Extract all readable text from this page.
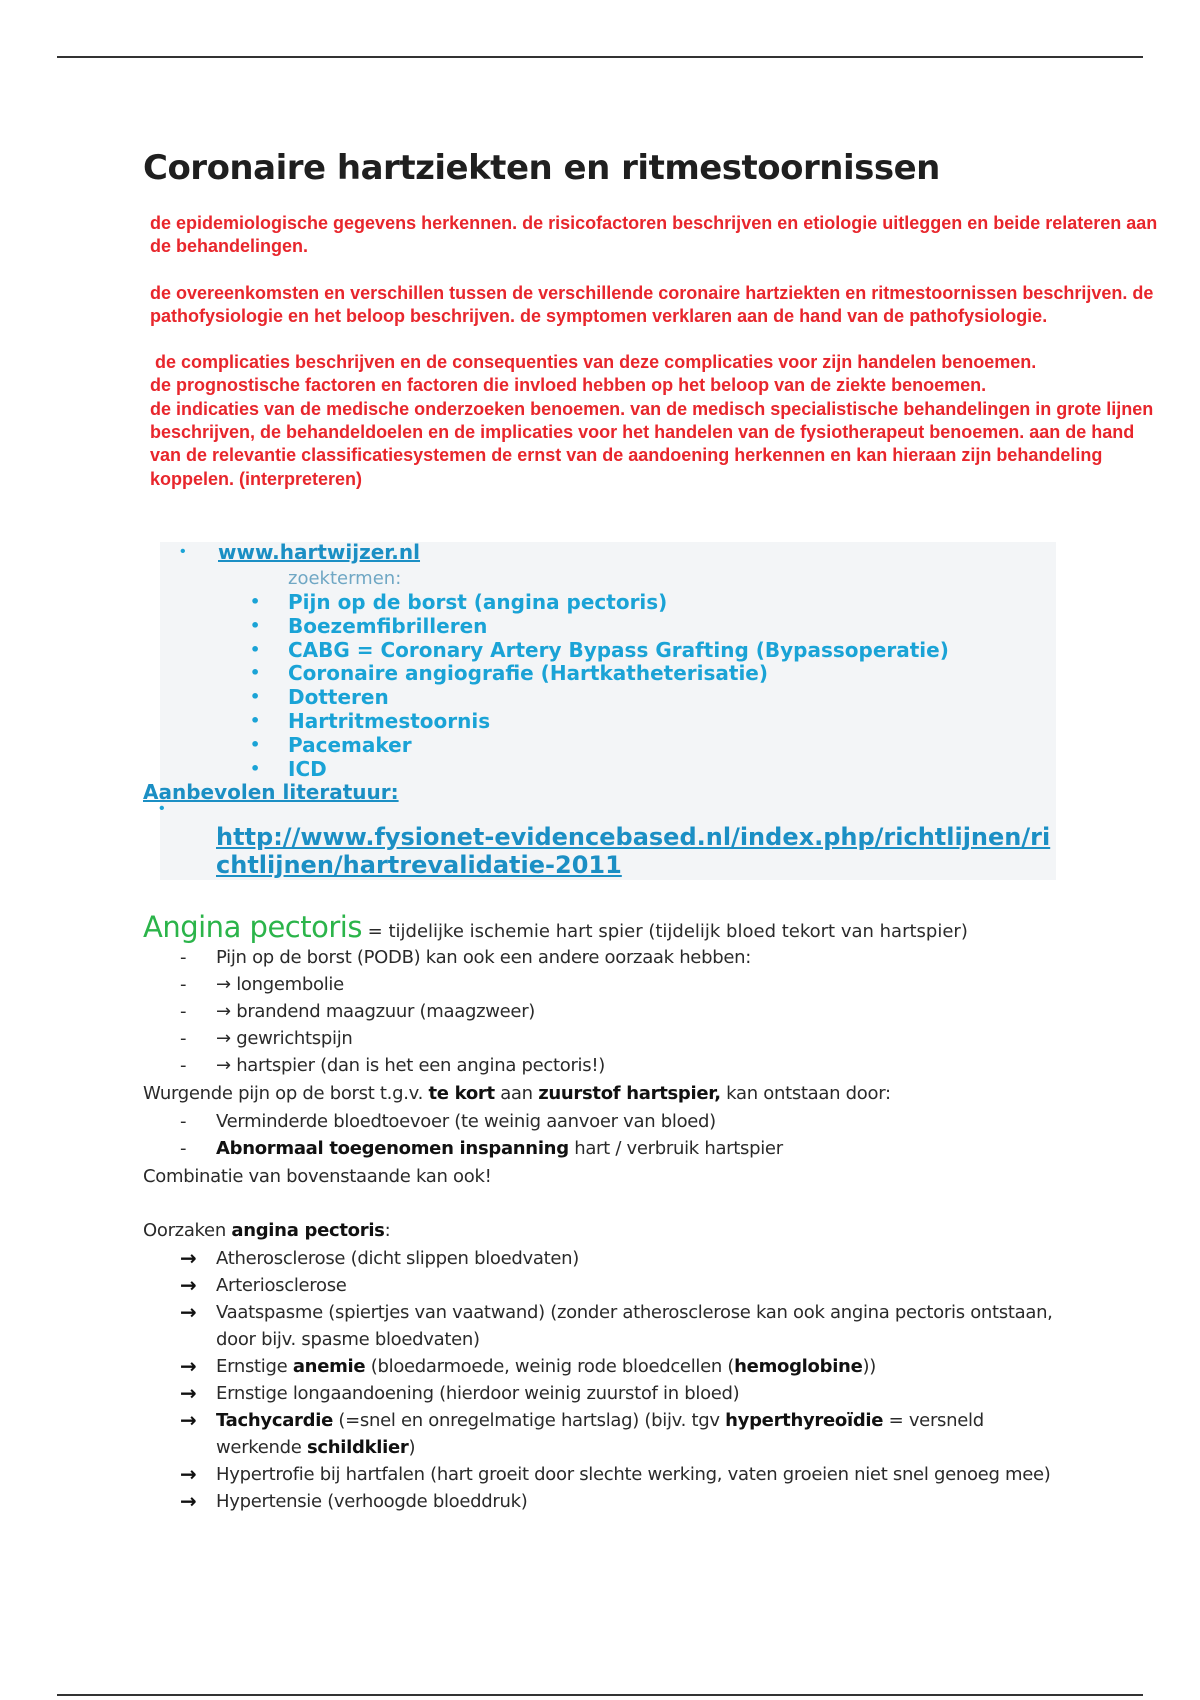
Coronaire hartziekten en ritmestoornissen

de epidemiologische gegevens herkennen. de risicofactoren beschrijven en etiologie uitleggen en beide relateren aan de behandelingen.

de overeenkomsten en verschillen tussen de verschillende coronaire hartziekten en ritmestoornissen beschrijven. de pathofysiologie en het beloop beschrijven. de symptomen verklaren aan de hand van de pathofysiologie.

de complicaties beschrijven en de consequenties van deze complicaties voor zijn handelen benoemen.
de prognostische factoren en factoren die invloed hebben op het beloop van de ziekte benoemen.
de indicaties van de medische onderzoeken benoemen. van de medisch specialistische behandelingen in grote lijnen beschrijven, de behandeldoelen en de implicaties voor het handelen van de fysiotherapeut benoemen. aan de hand van de relevantie classificatiesystemen de ernst van de aandoening herkennen en kan hieraan zijn behandeling koppelen. (interpreteren)

• www.hartwijzer.nl
zoektermen:
• Pijn op de borst (angina pectoris)
• Boezemfibrilleren
• CABG = Coronary Artery Bypass Grafting (Bypassoperatie)
• Coronaire angiografie (Hartkatheterisatie)
• Dotteren
• Hartritmestoornis
• Pacemaker
• ICD
Aanbevolen literatuur:
•
http://www.fysionet-evidencebased.nl/index.php/richtlijnen/richtlijnen/hartrevalidatie-2011
Angina pectoris = tijdelijke ischemie hart spier (tijdelijk bloed tekort van hartspier)
- Pijn op de borst (PODB) kan ook een andere oorzaak hebben:
- → longembolie
- → brandend maagzuur (maagzweer)
- → gewrichtspijn
- → hartspier (dan is het een angina pectoris!)
Wurgende pijn op de borst t.g.v. te kort aan zuurstof hartspier, kan ontstaan door:
- Verminderde bloedtoevoer (te weinig aanvoer van bloed)
- Abnormaal toegenomen inspanning hart / verbruik hartspier
Combinatie van bovenstaande kan ook!
Oorzaken angina pectoris:
→ Atherosclerose (dicht slippen bloedvaten)
→ Arteriosclerose
→ Vaatspasme (spiertjes van vaatwand) (zonder atherosclerose kan ook angina pectoris ontstaan, door bijv. spasme bloedvaten)
→ Ernstige anemie (bloedarmoede, weinig rode bloedcellen (hemoglobine))
→ Ernstige longaandoening (hierdoor weinig zuurstof in bloed)
→ Tachycardie (=snel en onregelmatige hartslag) (bijv. tgv hyperthyreoïdie = versneld werkende schildklier)
→ Hypertrofie bij hartfalen (hart groeit door slechte werking, vaten groeien niet snel genoeg mee)
→ Hypertensie (verhoogde bloeddruk)
